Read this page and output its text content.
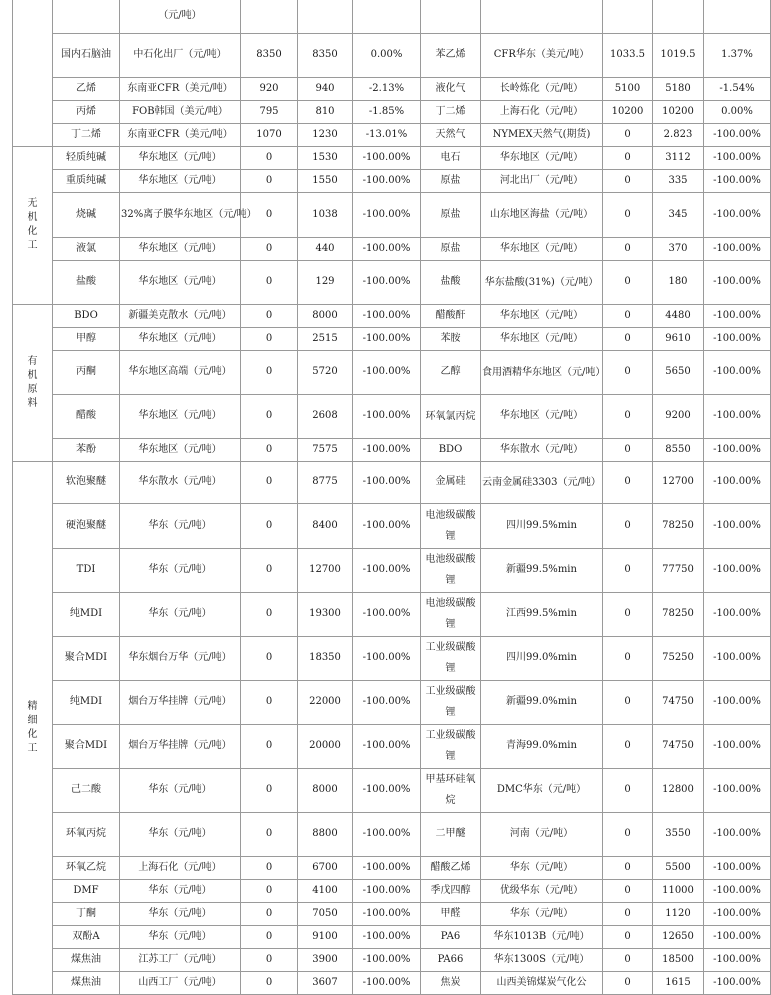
		（元/吨）								
	国内石脑油	中石化出厂（元/吨）	8350	8350	0.00%	苯乙烯	CFR华东（美元/吨）	1033.5	1019.5	1.37%
	乙烯	东南亚CFR（美元/吨）	920	940	-2.13%	液化气	长岭炼化（元/吨）	5100	5180	-1.54%
	丙烯	FOB韩国（美元/吨）	795	810	-1.85%	丁二烯	上海石化（元/吨）	10200	10200	0.00%
	丁二烯	东南亚CFR（美元/吨）	1070	1230	-13.01%	天然气	NYMEX天然气(期货)	0	2.823	-100.00%

无机化工	轻质纯碱	华东地区（元/吨）	0	1530	-100.00%	电石	华东地区（元/吨）	0	3112	-100.00%
	重质纯碱	华东地区（元/吨）	0	1550	-100.00%	原盐	河北出厂（元/吨）	0	335	-100.00%
	烧碱	32%离子膜华东地区（元/吨）	0	1038	-100.00%	原盐	山东地区海盐（元/吨）	0	345	-100.00%
	液氯	华东地区（元/吨）	0	440	-100.00%	原盐	华东地区（元/吨）	0	370	-100.00%
	盐酸	华东地区（元/吨）	0	129	-100.00%	盐酸	华东盐酸(31%)（元/吨）	0	180	-100.00%

有机原料	BDO	新疆美克散水（元/吨）	0	8000	-100.00%	醋酸酐	华东地区（元/吨）	0	4480	-100.00%
	甲醇	华东地区（元/吨）	0	2515	-100.00%	苯胺	华东地区（元/吨）	0	9610	-100.00%
	丙酮	华东地区高端（元/吨）	0	5720	-100.00%	乙醇	食用酒精华东地区（元/吨）	0	5650	-100.00%
	醋酸	华东地区（元/吨）	0	2608	-100.00%	环氧氯丙烷	华东地区（元/吨）	0	9200	-100.00%
	苯酚	华东地区（元/吨）	0	7575	-100.00%	BDO	华东散水（元/吨）	0	8550	-100.00%

精细化工	软泡聚醚	华东散水（元/吨）	0	8775	-100.00%	金属硅	云南金属硅3303（元/吨）	0	12700	-100.00%
	硬泡聚醚	华东（元/吨）	0	8400	-100.00%	电池级碳酸锂	四川99.5%min	0	78250	-100.00%
	TDI	华东（元/吨）	0	12700	-100.00%	电池级碳酸锂	新疆99.5%min	0	77750	-100.00%
	纯MDI	华东（元/吨）	0	19300	-100.00%	电池级碳酸锂	江西99.5%min	0	78250	-100.00%
	聚合MDI	华东烟台万华（元/吨）	0	18350	-100.00%	工业级碳酸锂	四川99.0%min	0	75250	-100.00%
	纯MDI	烟台万华挂牌（元/吨）	0	22000	-100.00%	工业级碳酸锂	新疆99.0%min	0	74750	-100.00%
	聚合MDI	烟台万华挂牌（元/吨）	0	20000	-100.00%	工业级碳酸锂	青海99.0%min	0	74750	-100.00%
	己二酸	华东（元/吨）	0	8000	-100.00%	甲基环硅氧烷	DMC华东（元/吨）	0	12800	-100.00%
	环氧丙烷	华东（元/吨）	0	8800	-100.00%	二甲醚	河南（元/吨）	0	3550	-100.00%
	环氧乙烷	上海石化（元/吨）	0	6700	-100.00%	醋酸乙烯	华东（元/吨）	0	5500	-100.00%
	DMF	华东（元/吨）	0	4100	-100.00%	季戊四醇	优级华东（元/吨）	0	11000	-100.00%
	丁酮	华东（元/吨）	0	7050	-100.00%	甲醛	华东（元/吨）	0	1120	-100.00%
	双酚A	华东（元/吨）	0	9100	-100.00%	PA6	华东1013B（元/吨）	0	12650	-100.00%
	煤焦油	江苏工厂（元/吨）	0	3900	-100.00%	PA66	华东1300S（元/吨）	0	18500	-100.00%
	煤焦油	山西工厂（元/吨）	0	3607	-100.00%	焦炭	山西美锦煤炭气化公	0	1615	-100.00%
